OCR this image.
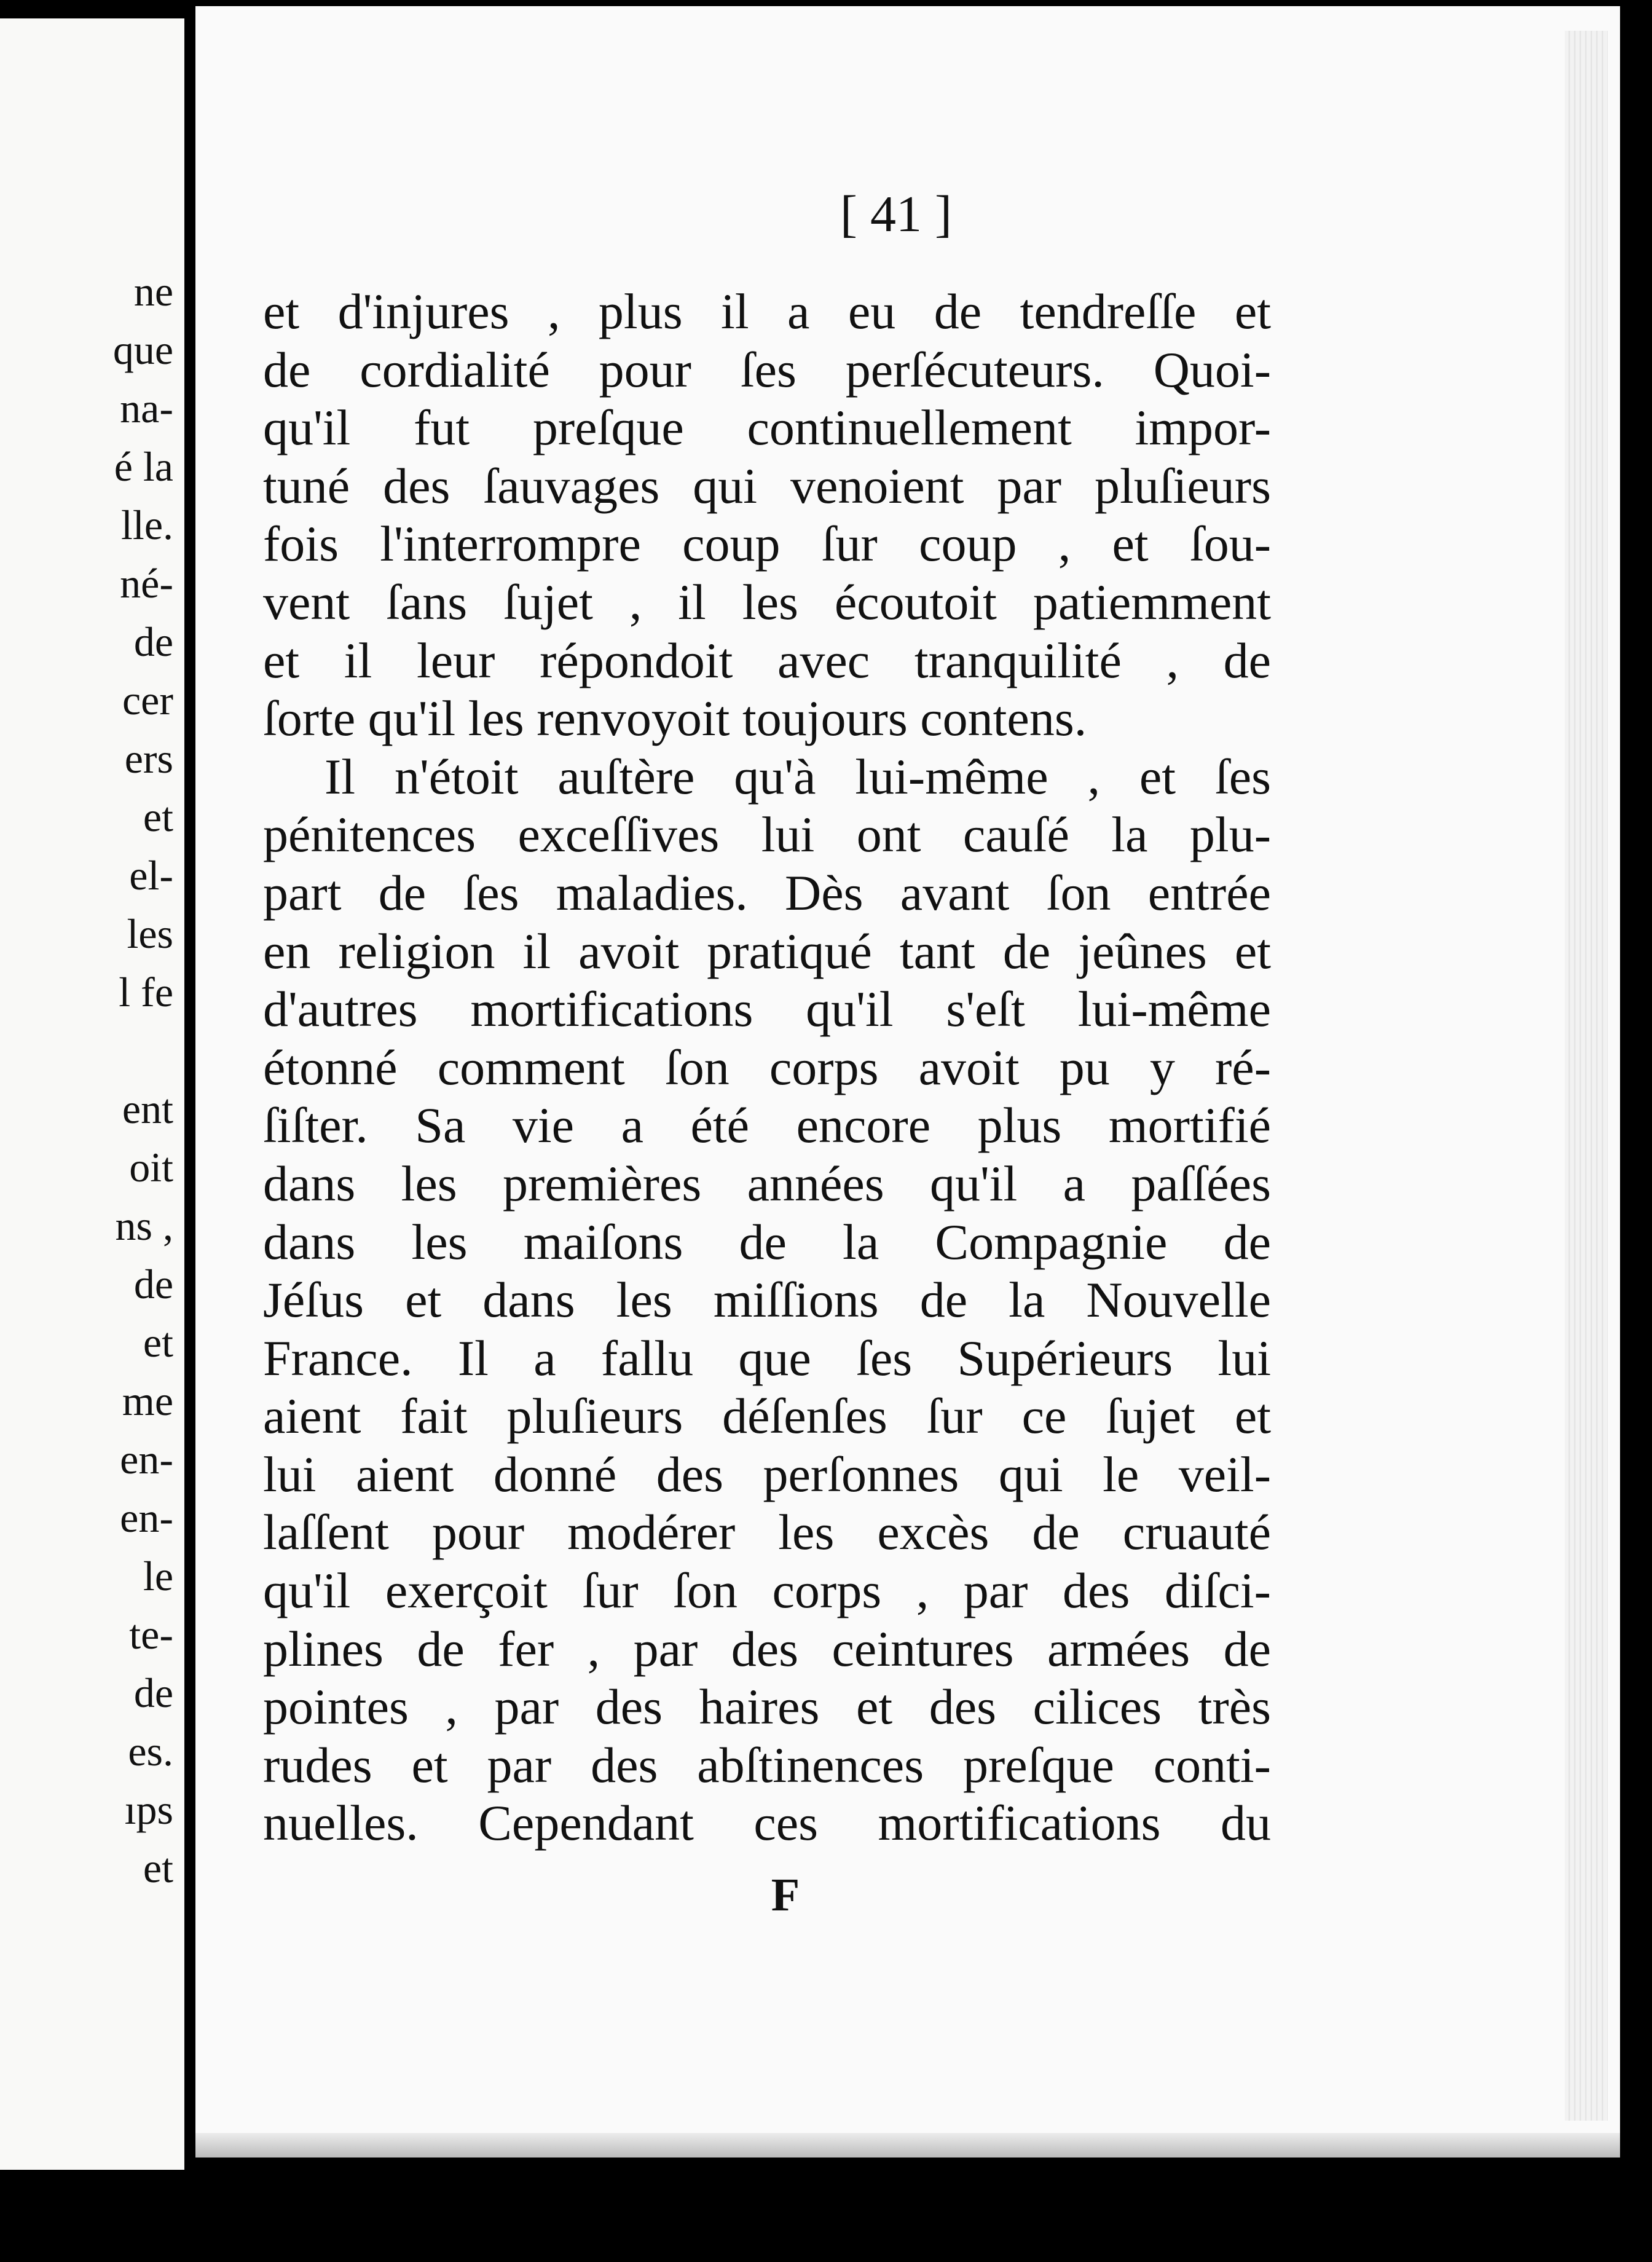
ne
que
na-
é la
lle.
né-
de
cer
ers
et
el-
les
l fe
ent
oit
ns ,
de
et
me
en-
en-
le
te-
de
es.
ıps
et
[ 41 ]
et d'injures , plus il a eu de tendreſſe et
de cordialité pour ſes perſécuteurs. Quoi-
qu'il fut preſque continuellement impor-
tuné des ſauvages qui venoient par pluſieurs
fois l'interrompre coup ſur coup , et ſou-
vent ſans ſujet , il les écoutoit patiemment
et il leur répondoit avec tranquilité , de
ſorte qu'il les renvoyoit toujours contens.
Il n'étoit auſtère qu'à lui-même , et ſes
pénitences exceſſives lui ont cauſé la plu-
part de ſes maladies. Dès avant ſon entrée
en religion il avoit pratiqué tant de jeûnes et
d'autres mortifications qu'il s'eſt lui-même
étonné comment ſon corps avoit pu y ré-
ſiſter. Sa vie a été encore plus mortifié
dans les premières années qu'il a paſſées
dans les maiſons de la Compagnie de
Jéſus et dans les miſſions de la Nouvelle
France. Il a fallu que ſes Supérieurs lui
aient fait pluſieurs déſenſes ſur ce ſujet et
lui aient donné des perſonnes qui le veil-
laſſent pour modérer les excès de cruauté
qu'il exerçoit ſur ſon corps , par des diſci-
plines de fer , par des ceintures armées de
pointes , par des haires et des cilices très
rudes et par des abſtinences preſque conti-
nuelles. Cependant ces mortifications du
F
